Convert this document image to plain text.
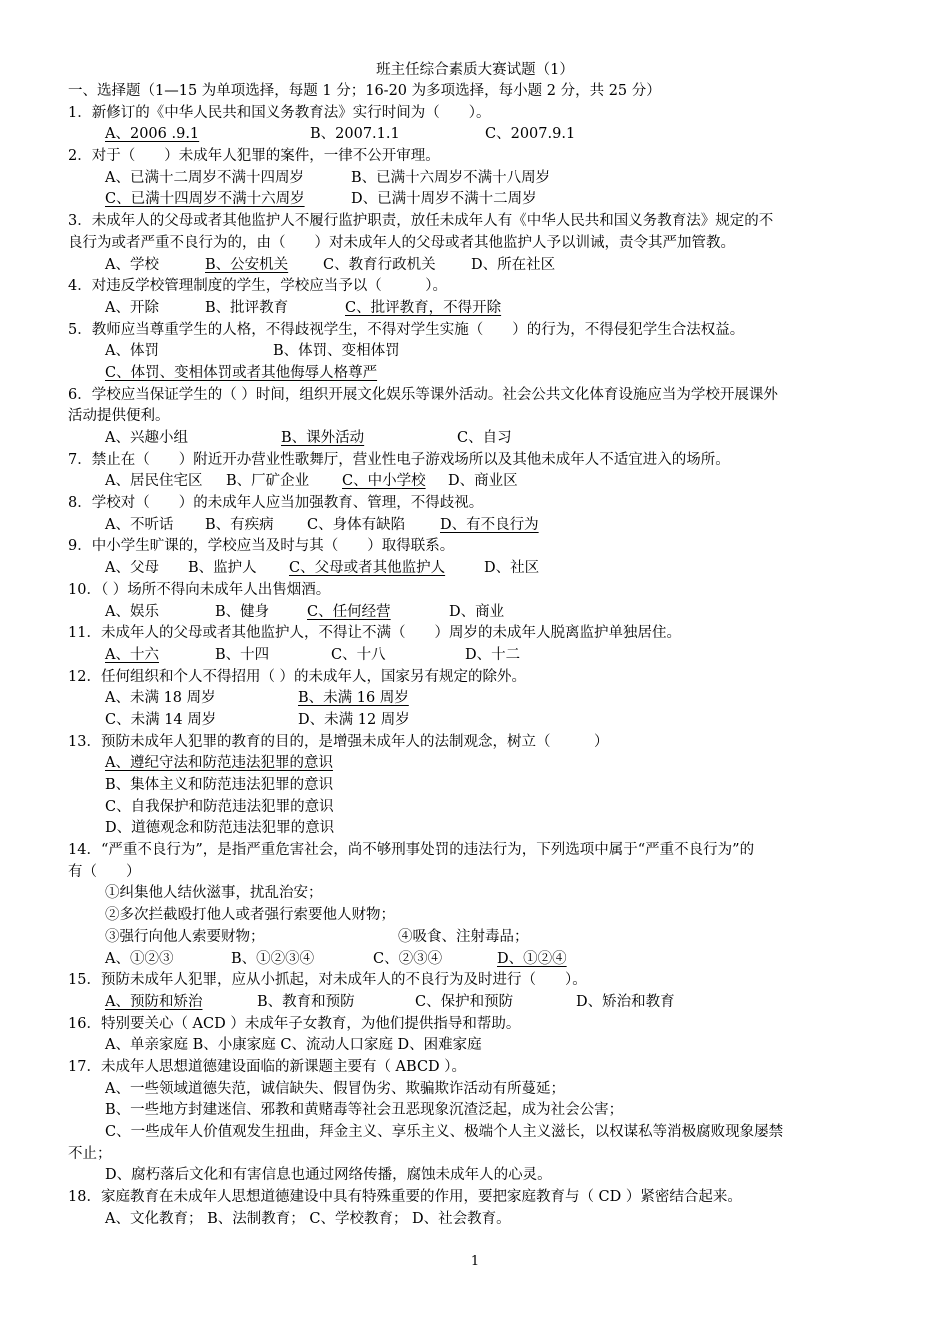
班主任综合素质大赛试题（1）
一、选择题（1—15 为单项选择，每题 1 分；16-20 为多项选择，每小题 2 分，共 25 分）
1．新修订的《中华人民共和国义务教育法》实行时间为（　　）。
A、2006 .9.1	B、2007.1.1	C、2007.9.1
2．对于（　　）未成年人犯罪的案件，一律不公开审理。
A、已满十二周岁不满十四周岁	B、已满十六周岁不满十八周岁
C、已满十四周岁不满十六周岁	D、已满十周岁不满十二周岁
3．未成年人的父母或者其他监护人不履行监护职责，放任未成年人有《中华人民共和国义务教育法》规定的不
良行为或者严重不良行为的，由（　　）对未成年人的父母或者其他监护人予以训诫，责令其严加管教。
A、学校	B、公安机关 C、教育行政机关 D、所在社区
4．对违反学校管理制度的学生，学校应当予以（　　　）。
A、开除	B、批评教育	C、批评教育，不得开除
5．教师应当尊重学生的人格，不得歧视学生，不得对学生实施（　　）的行为，不得侵犯学生合法权益。
A、体罚	B、体罚、变相体罚
C、体罚、变相体罚或者其他侮辱人格尊严
6．学校应当保证学生的（ ）时间，组织开展文化娱乐等课外活动。社会公共文化体育设施应当为学校开展课外
活动提供便利。
A、兴趣小组	B、课外活动	C、自习
7．禁止在（　　）附近开办营业性歌舞厅，营业性电子游戏场所以及其他未成年人不适宜进入的场所。
A、居民住宅区 B、厂矿企业 C、中小学校 D、商业区
8．学校对（　　）的未成年人应当加强教育、管理，不得歧视。
A、不听话 B、有疾病 C、身体有缺陷 D、有不良行为
9．中小学生旷课的，学校应当及时与其（　　）取得联系。
A、父母 B、监护人 C、父母或者其他监护人	D、社区
10．（ ）场所不得向未成年人出售烟酒。
A、娱乐	B、健身	C、任何经营	D、商业
11．未成年人的父母或者其他监护人，不得让不满（　　）周岁的未成年人脱离监护单独居住。
A、十六	B、十四	C、十八	D、十二
12．任何组织和个人不得招用（ ）的未成年人，国家另有规定的除外。
A、未满 18 周岁	B、未满 16 周岁
C、未满 14 周岁	D、未满 12 周岁
13．预防未成年人犯罪的教育的目的，是增强未成年人的法制观念，树立（　　　）
A、遵纪守法和防范违法犯罪的意识
B、集体主义和防范违法犯罪的意识
C、自我保护和防范违法犯罪的意识
D、道德观念和防范违法犯罪的意识
14．“严重不良行为”，是指严重危害社会，尚不够刑事处罚的违法行为，下列选项中属于“严重不良行为”的
有（　　）
①纠集他人结伙滋事，扰乱治安；
②多次拦截殴打他人或者强行索要他人财物；
③强行向他人索要财物；	④吸食、注射毒品；
A、①②③	B、①②③④	C、②③④	D、①②④
15．预防未成年人犯罪，应从小抓起，对未成年人的不良行为及时进行（　　）。
A、预防和矫治	B、教育和预防	C、保护和预防	D、矫治和教育
16．特别要关心（ ACD ）未成年子女教育，为他们提供指导和帮助。
A、单亲家庭 B、小康家庭 C、流动人口家庭 D、困难家庭
17．未成年人思想道德建设面临的新课题主要有（ ABCD ）。
A、一些领域道德失范，诚信缺失、假冒伪劣、欺骗欺诈活动有所蔓延；
B、一些地方封建迷信、邪教和黄赌毒等社会丑恶现象沉渣泛起，成为社会公害；
C、一些成年人价值观发生扭曲，拜金主义、享乐主义、极端个人主义滋长，以权谋私等消极腐败现象屡禁
不止；
D、腐朽落后文化和有害信息也通过网络传播，腐蚀未成年人的心灵。
18．家庭教育在未成年人思想道德建设中具有特殊重要的作用，要把家庭教育与（ CD ）紧密结合起来。
A、文化教育； B、法制教育； C、学校教育； D、社会教育。
1
